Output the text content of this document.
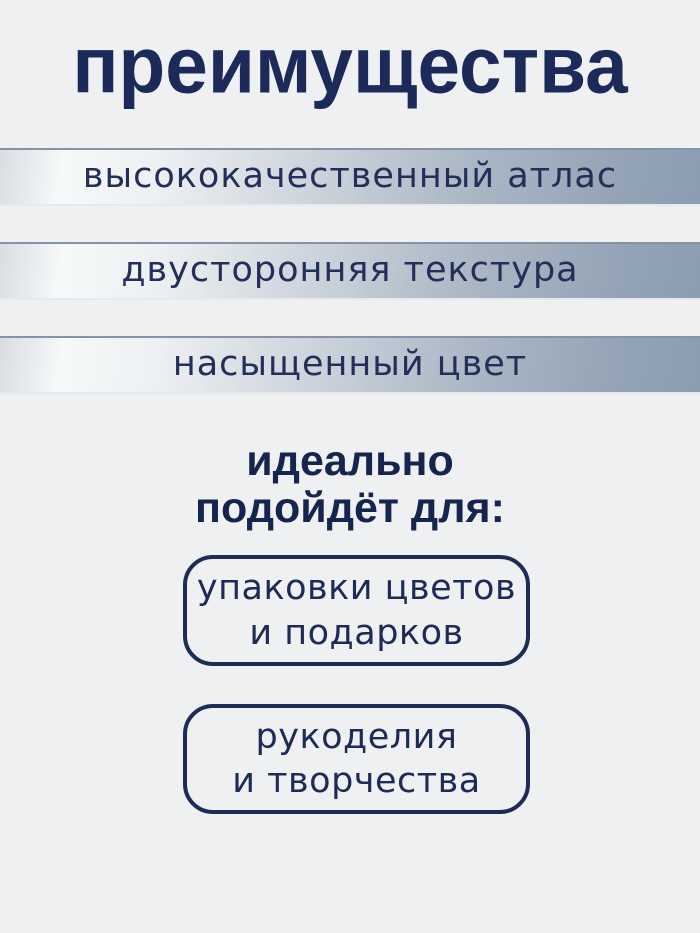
преимущества
высококачественный атлас
двусторонняя текстура
насыщенный цвет
идеально
подойдёт для:
упаковки цветов
и подарков
рукоделия
и творчества
